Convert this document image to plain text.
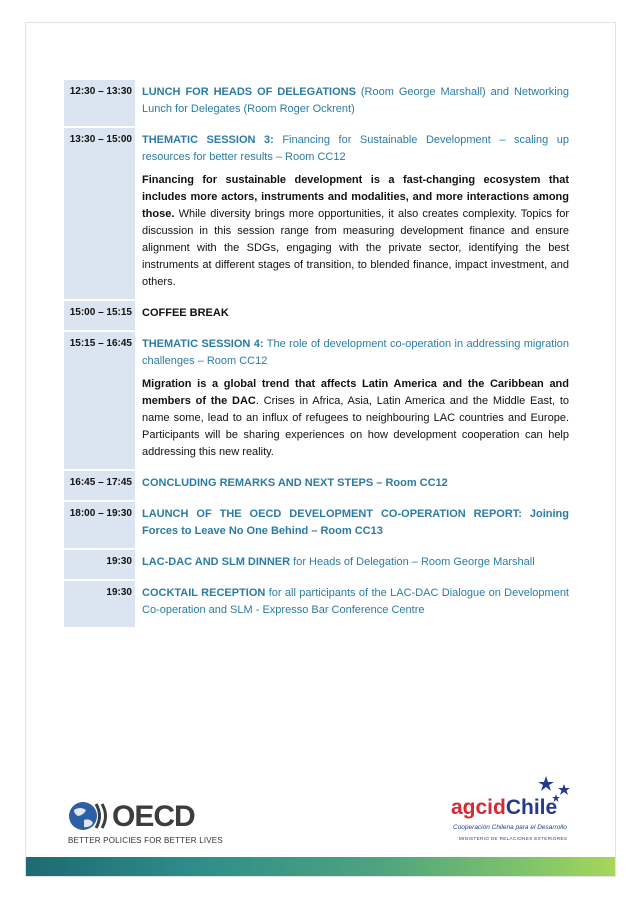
12:30 – 13:30	LUNCH FOR HEADS OF DELEGATIONS (Room George Marshall) and Networking Lunch for Delegates (Room Roger Ockrent)
13:30 – 15:00	THEMATIC SESSION 3: Financing for Sustainable Development – scaling up resources for better results – Room CC12

Financing for sustainable development is a fast-changing ecosystem that includes more actors, instruments and modalities, and more interactions among those. While diversity brings more opportunities, it also creates complexity. Topics for discussion in this session range from measuring development finance and ensure alignment with the SDGs, engaging with the private sector, identifying the best instruments at different stages of transition, to blended finance, impact investment, and others.

15:00 – 15:15	COFFEE BREAK
15:15 – 16:45	THEMATIC SESSION 4: The role of development co-operation in addressing migration challenges – Room CC12

Migration is a global trend that affects Latin America and the Caribbean and members of the DAC. Crises in Africa, Asia, Latin America and the Middle East, to name some, lead to an influx of refugees to neighbouring LAC countries and Europe. Participants will be sharing experiences on how development cooperation can help addressing this new reality.

16:45 – 17:45	CONCLUDING REMARKS AND NEXT STEPS – Room CC12
18:00 – 19:30	LAUNCH OF THE OECD DEVELOPMENT CO-OPERATION REPORT: Joining Forces to Leave No One Behind – Room CC13
19:30	LAC-DAC AND SLM DINNER for Heads of Delegation – Room George Marshall
19:30	COCKTAIL RECEPTION for all participants of the LAC-DAC Dialogue on Development Co-operation and SLM - Expresso Bar Conference Centre
OECD
BETTER POLICIES FOR BETTER LIVES
agcidChile
Cooperación Chilena para el Desarrollo
MINISTERIO DE RELACIONES EXTERIORES
